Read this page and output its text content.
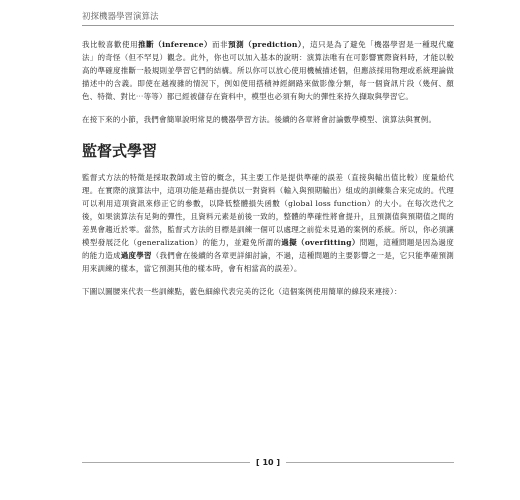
初探機器學習演算法

我比較喜歡使用推斷（inference）而非預測（prediction），這只是為了避免「機器學習是一種現代魔法」的奇怪（但不罕見）觀念。此外，你也可以加入基本的說明：演算法唯有在可影響實際資料時，才能以較高的準確度推斷一般規則並學習它們的結構。所以你可以放心使用機械描述個，但應該採用物理或系統理論做描述中的含義。即使在越複雜的情況下，例如使用搭積神經網路來做影像分類，每一個資訊片段（幾何、顏色、特徵、對比⋯等等）都已經被儲存在資料中，模型也必須有夠大的彈性來持久擷取與學習它。

在接下來的小節，我們會簡單說明常見的機器學習方法。後續的各章將會討論數學模型、演算法與實例。

監督式學習

監督式方法的特徵是採取教師或主管的概念，其主要工作是提供準確的誤差（直接與輸出值比較）度量給代理。在實際的演算法中，這項功能是藉由提供以一對資料（輸入與預期輸出）組成的訓練集合來完成的。代理可以利用這項資訊來修正它的參數，以降低整體損失函數（global loss function）的大小。在每次迭代之後，如果演算法有足夠的彈性，且資料元素是前後一致的，整體的準確性將會提升，且預測值與預期值之間的差異會趨近於零。當然，監督式方法的目標是訓練一個可以處理之前從未見過的案例的系統。所以，你必須讓模型發展泛化（generalization）的能力，並避免所謂的過擬（overfitting）問題，這種問題是因為過度的能力造成過度學習（我們會在後續的各章更詳細討論，不過，這種問題的主要影響之一是，它只能準確預測用來訓練的樣本，當它預測其他的樣本時，會有相當高的誤差）。

下圖以圖腰來代表一些訓練點，藍色細線代表完美的泛化（這個案例使用簡單的線段來連接）：

[ 10 ]
